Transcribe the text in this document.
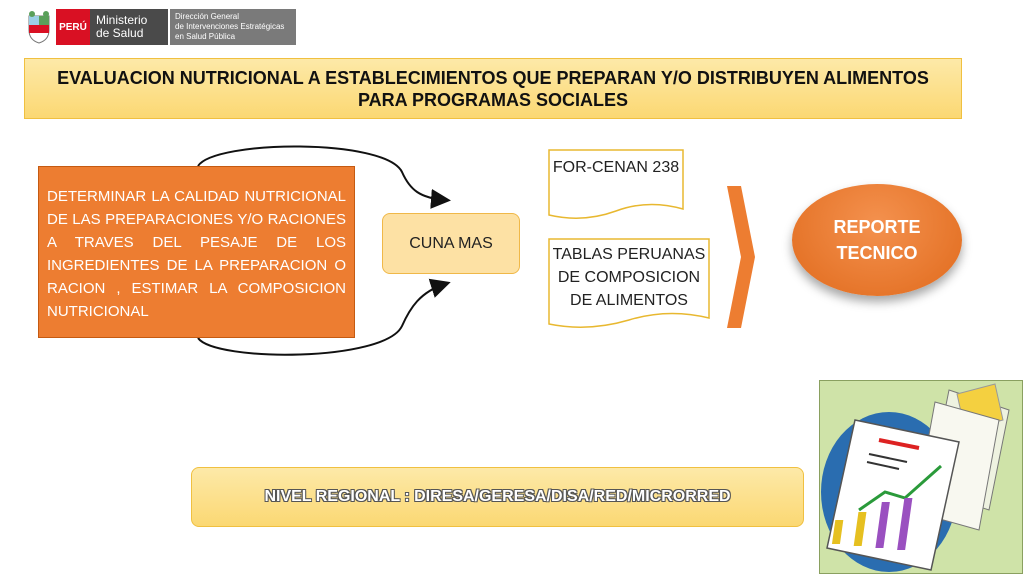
PERÚ Ministerio
de Salud
Dirección General
de Intervenciones Estratégicas
en Salud Pública
EVALUACION NUTRICIONAL A ESTABLECIMIENTOS QUE PREPARAN Y/O DISTRIBUYEN ALIMENTOS PARA PROGRAMAS SOCIALES
DETERMINAR LA CALIDAD NUTRICIONAL DE LAS PREPARACIONES Y/O RACIONES A TRAVES DEL PESAJE DE LOS INGREDIENTES DE LA PREPARACION O RACION , ESTIMAR LA COMPOSICION NUTRICIONAL
CUNA MAS
FOR-CENAN 238
TABLAS PERUANAS DE COMPOSICION DE ALIMENTOS
REPORTE
TECNICO
NIVEL REGIONAL : DIRESA/GERESA/DISA/RED/MICRORRED
